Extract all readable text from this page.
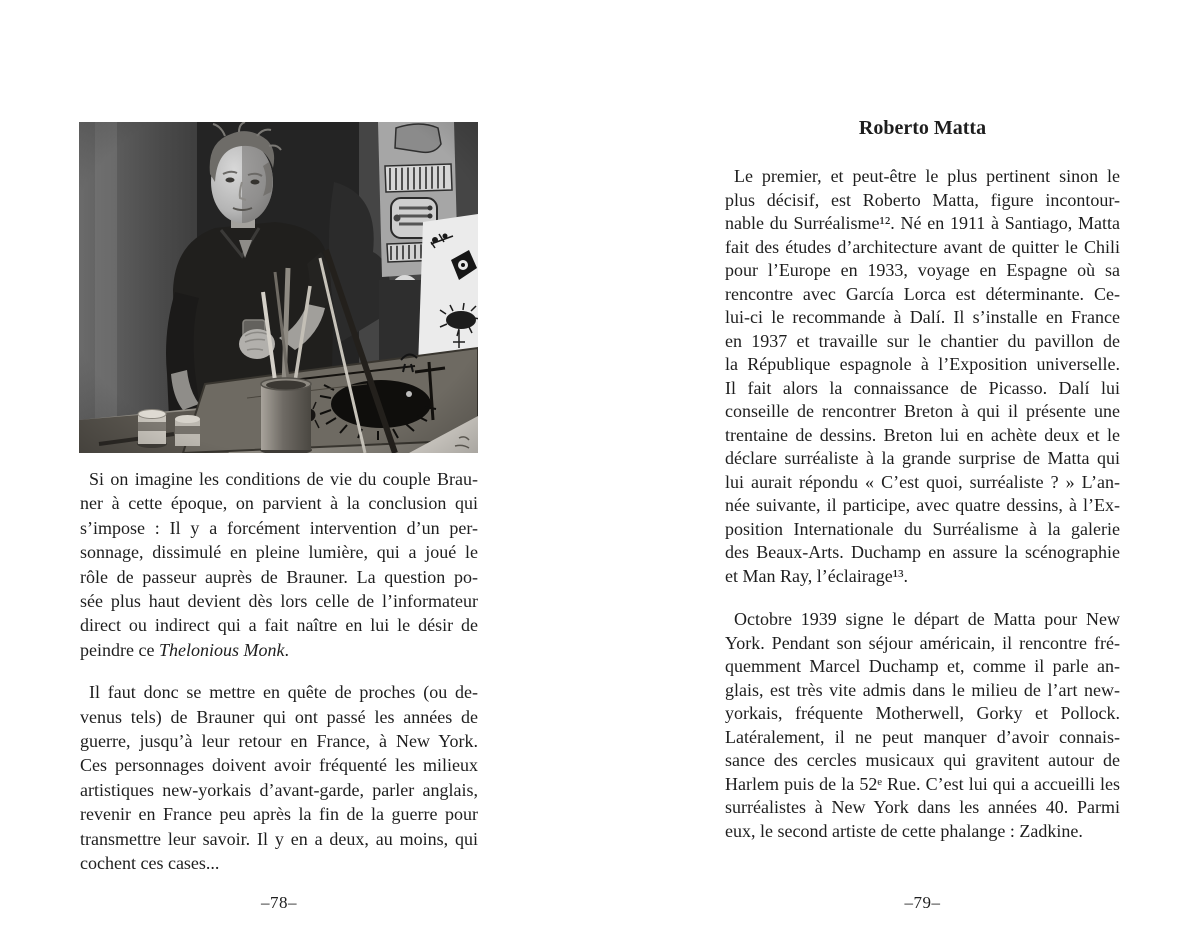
Si on imagine les conditions de vie du couple Brau-
ner à cette époque, on parvient à la conclusion qui
s’impose : Il y a forcément intervention d’un per-
sonnage, dissimulé en pleine lumière, qui a joué le
rôle de passeur auprès de Brauner. La question po-
sée plus haut devient dès lors celle de l’informateur
direct ou indirect qui a fait naître en lui le désir de
peindre ce Thelonious Monk.
Il faut donc se mettre en quête de proches (ou de-
venus tels) de Brauner qui ont passé les années de
guerre, jusqu’à leur retour en France, à New York.
Ces personnages doivent avoir fréquenté les milieux
artistiques new-yorkais d’avant-garde, parler anglais,
revenir en France peu après la fin de la guerre pour
transmettre leur savoir. Il y en a deux, au moins, qui
cochent ces cases...
–78–
Roberto Matta
Le premier, et peut-être le plus pertinent sinon le
plus décisif, est Roberto Matta, figure incontour-
nable du Surréalisme¹². Né en 1911 à Santiago, Matta
fait des études d’architecture avant de quitter le Chili
pour l’Europe en 1933, voyage en Espagne où sa
rencontre avec García Lorca est déterminante. Ce-
lui-ci le recommande à Dalí. Il s’installe en France
en 1937 et travaille sur le chantier du pavillon de
la République espagnole à l’Exposition universelle.
Il fait alors la connaissance de Picasso. Dalí lui
conseille de rencontrer Breton à qui il présente une
trentaine de dessins. Breton lui en achète deux et le
déclare surréaliste à la grande surprise de Matta qui
lui aurait répondu « C’est quoi, surréaliste ? » L’an-
née suivante, il participe, avec quatre dessins, à l’Ex-
position Internationale du Surréalisme à la galerie
des Beaux-Arts. Duchamp en assure la scénographie
et Man Ray, l’éclairage¹³.
Octobre 1939 signe le départ de Matta pour New
York. Pendant son séjour américain, il rencontre fré-
quemment Marcel Duchamp et, comme il parle an-
glais, est très vite admis dans le milieu de l’art new-
yorkais, fréquente Motherwell, Gorky et Pollock.
Latéralement, il ne peut manquer d’avoir connais-
sance des cercles musicaux qui gravitent autour de
Harlem puis de la 52ᵉ Rue. C’est lui qui a accueilli les
surréalistes à New York dans les années 40. Parmi
eux, le second artiste de cette phalange : Zadkine.
–79–
